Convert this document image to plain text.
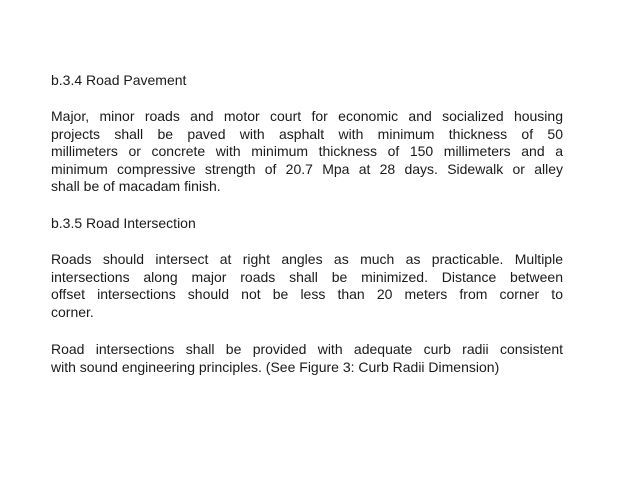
b.3.4 Road Pavement

Major, minor roads and motor court for economic and socialized housing
projects shall be paved with asphalt with minimum thickness of 50
millimeters or concrete with minimum thickness of 150 millimeters and a
minimum compressive strength of 20.7 Mpa at 28 days. Sidewalk or alley
shall be of macadam finish.

b.3.5 Road Intersection

Roads should intersect at right angles as much as practicable. Multiple
intersections along major roads shall be minimized. Distance between
offset intersections should not be less than 20 meters from corner to
corner.
Road intersections shall be provided with adequate curb radii consistent
with sound engineering principles. (See Figure 3: Curb Radii Dimension)
